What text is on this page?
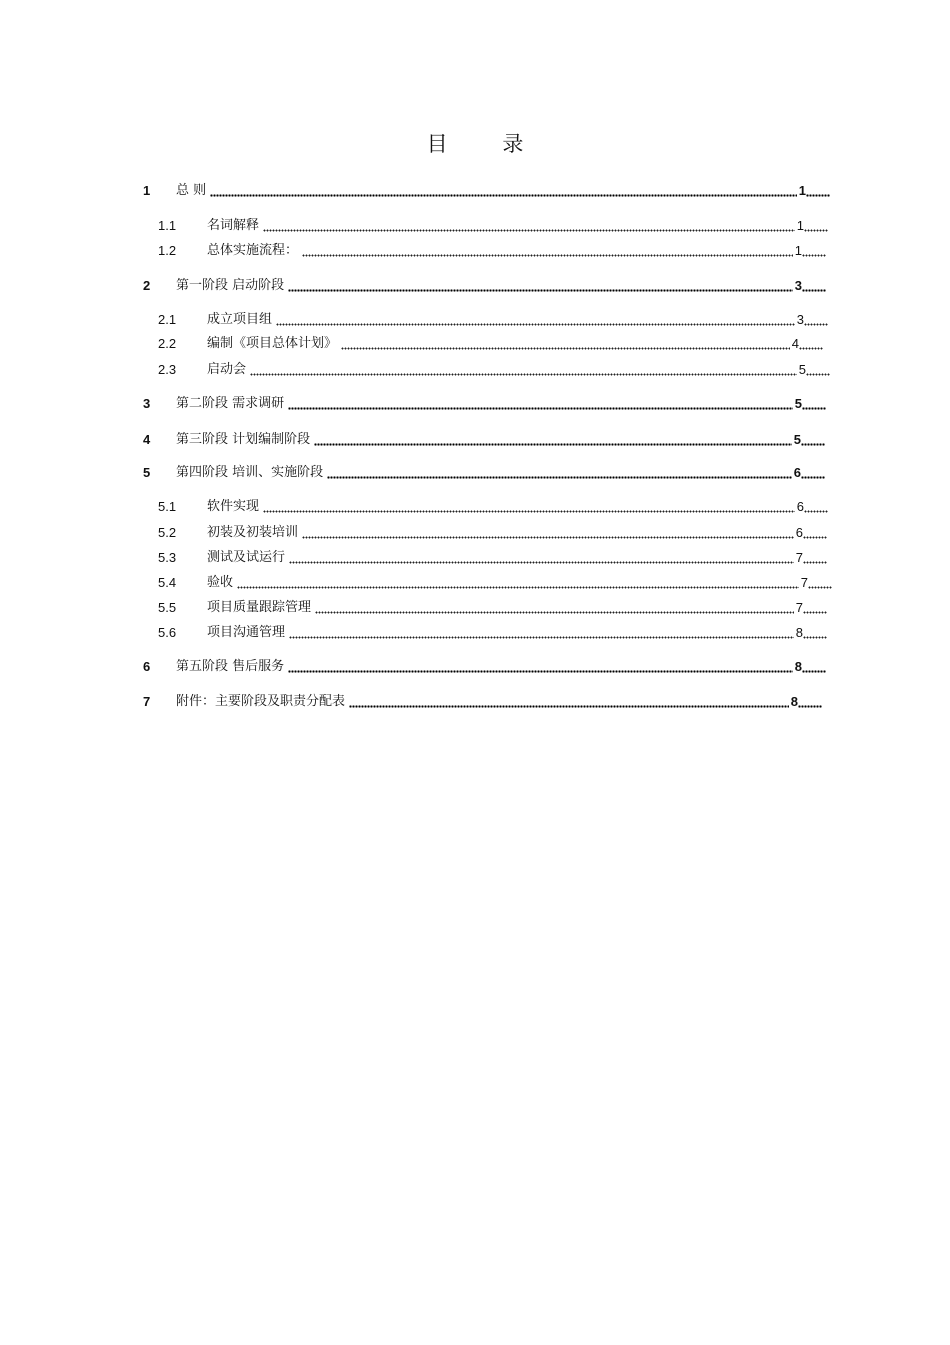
目 录
1	总 则	1
1.1	名词解释	1
1.2	总体实施流程：	1
2	第一阶段 启动阶段	3
2.1	成立项目组	3
2.2	编制《项目总体计划》	4
2.3	启动会	5
3	第二阶段 需求调研	5
4	第三阶段 计划编制阶段	5
5	第四阶段 培训、实施阶段	6
5.1	软件实现	6
5.2	初装及初装培训	6
5.3	测试及试运行	7
5.4	验收	7
5.5	项目质量跟踪管理	7
5.6	项目沟通管理	8
6	第五阶段 售后服务	8
7	附件：主要阶段及职责分配表	8
